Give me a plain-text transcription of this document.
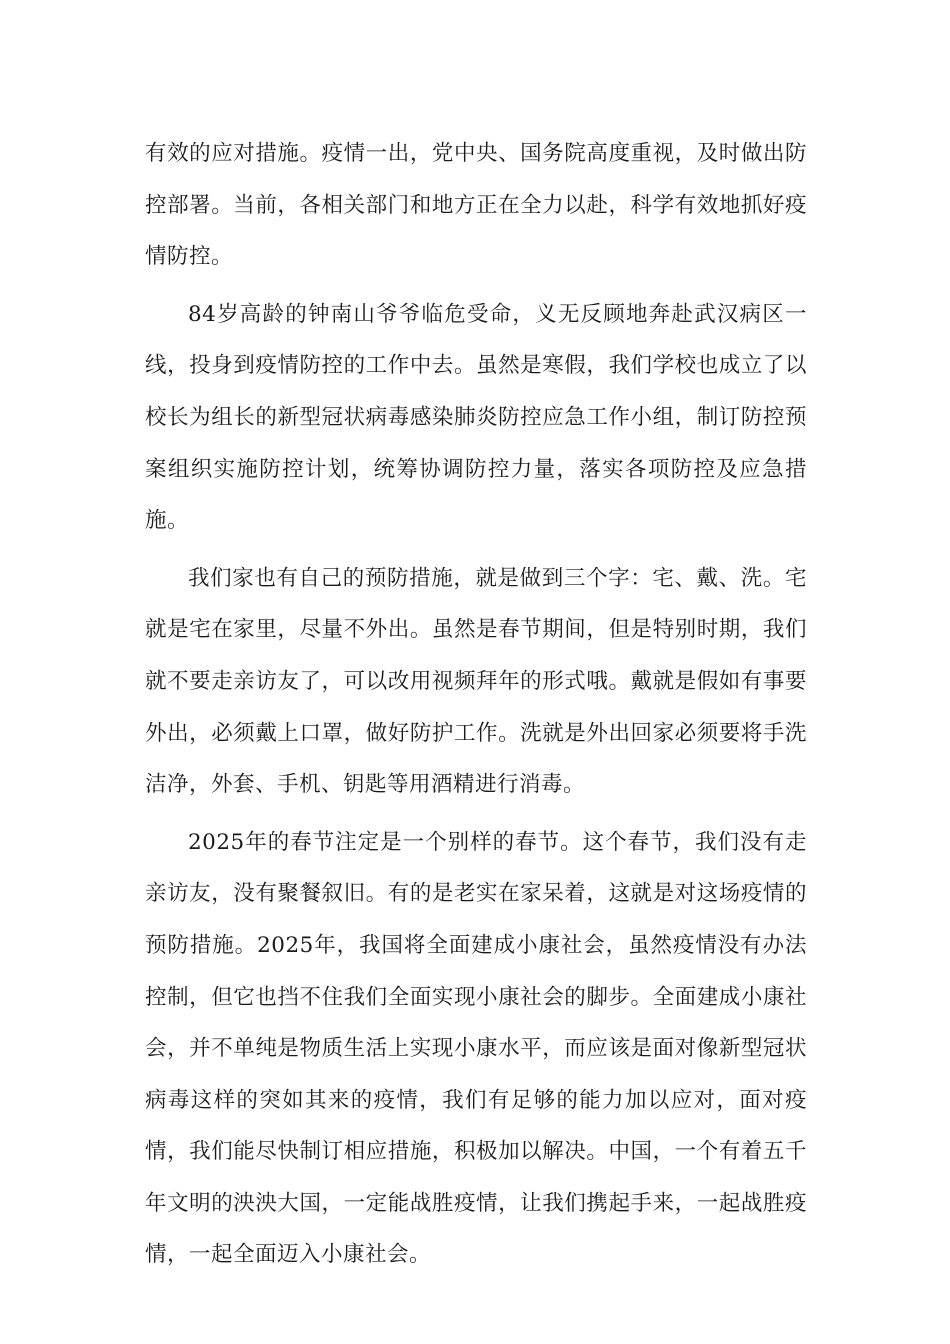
有效的应对措施。疫情一出，党中央、国务院高度重视，及时做出防控部署。当前，各相关部门和地方正在全力以赴，科学有效地抓好疫情防控。

84岁高龄的钟南山爷爷临危受命，义无反顾地奔赴武汉病区一线，投身到疫情防控的工作中去。虽然是寒假，我们学校也成立了以校长为组长的新型冠状病毒感染肺炎防控应急工作小组，制订防控预案组织实施防控计划，统筹协调防控力量，落实各项防控及应急措施。

我们家也有自己的预防措施，就是做到三个字：宅、戴、洗。宅就是宅在家里，尽量不外出。虽然是春节期间，但是特别时期，我们就不要走亲访友了，可以改用视频拜年的形式哦。戴就是假如有事要外出，必须戴上口罩，做好防护工作。洗就是外出回家必须要将手洗洁净，外套、手机、钥匙等用酒精进行消毒。

2025年的春节注定是一个别样的春节。这个春节，我们没有走亲访友，没有聚餐叙旧。有的是老实在家呆着，这就是对这场疫情的预防措施。2025年，我国将全面建成小康社会，虽然疫情没有办法控制，但它也挡不住我们全面实现小康社会的脚步。全面建成小康社会，并不单纯是物质生活上实现小康水平，而应该是面对像新型冠状病毒这样的突如其来的疫情，我们有足够的能力加以应对，面对疫情，我们能尽快制订相应措施，积极加以解决。中国，一个有着五千年文明的泱泱大国，一定能战胜疫情，让我们携起手来，一起战胜疫情，一起全面迈入小康社会。
